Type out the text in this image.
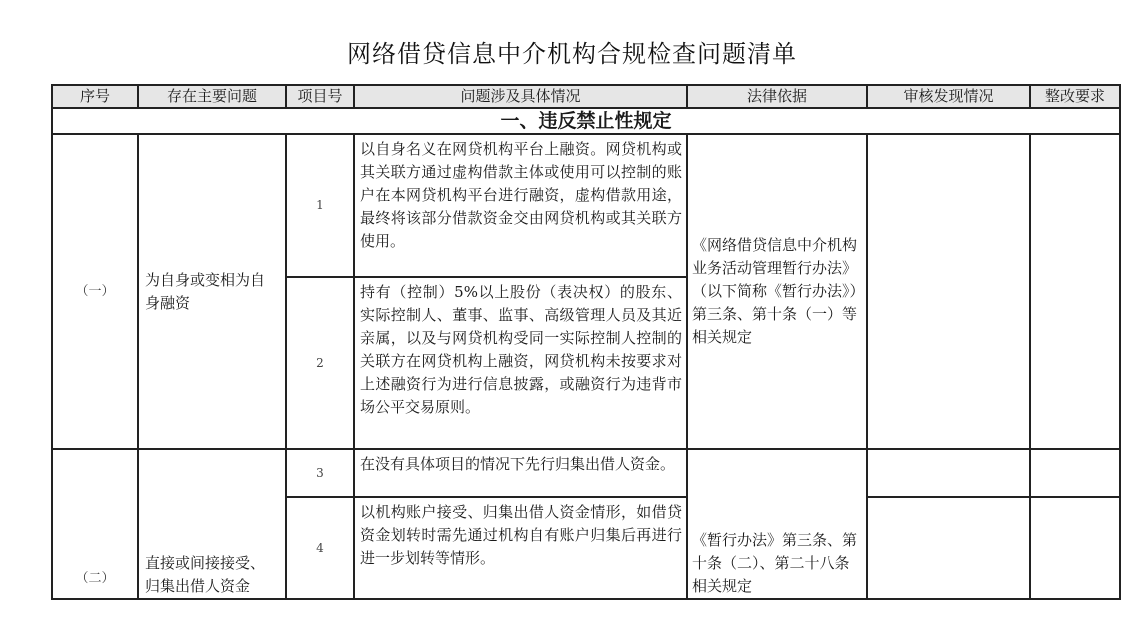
网络借贷信息中介机构合规检查问题清单
序号	存在主要问题	项目号	问题涉及具体情况	法律依据	审核发现情况	整改要求
一、违反禁止性规定						
（一）	为自身或变相为自身融资	1	以自身名义在网贷机构平台上融资。网贷机构或其关联方通过虚构借款主体或使用可以控制的账户在本网贷机构平台进行融资，虚构借款用途，最终将该部分借款资金交由网贷机构或其关联方使用。	《网络借贷信息中介机构业务活动管理暂行办法》（以下简称《暂行办法》）第三条、第十条（一）等相关规定		
		2	持有（控制）5%以上股份（表决权）的股东、实际控制人、董事、监事、高级管理人员及其近亲属，以及与网贷机构受同一实际控制人控制的关联方在网贷机构上融资，网贷机构未按要求对上述融资行为进行信息披露，或融资行为违背市场公平交易原则。			
（二）	直接或间接接受、归集出借人资金	3	在没有具体项目的情况下先行归集出借人资金。	《暂行办法》第三条、第十条（二）、第二十八条相关规定		
		4	以机构账户接受、归集出借人资金情形，如借贷资金划转时需先通过机构自有账户归集后再进行进一步划转等情形。			
